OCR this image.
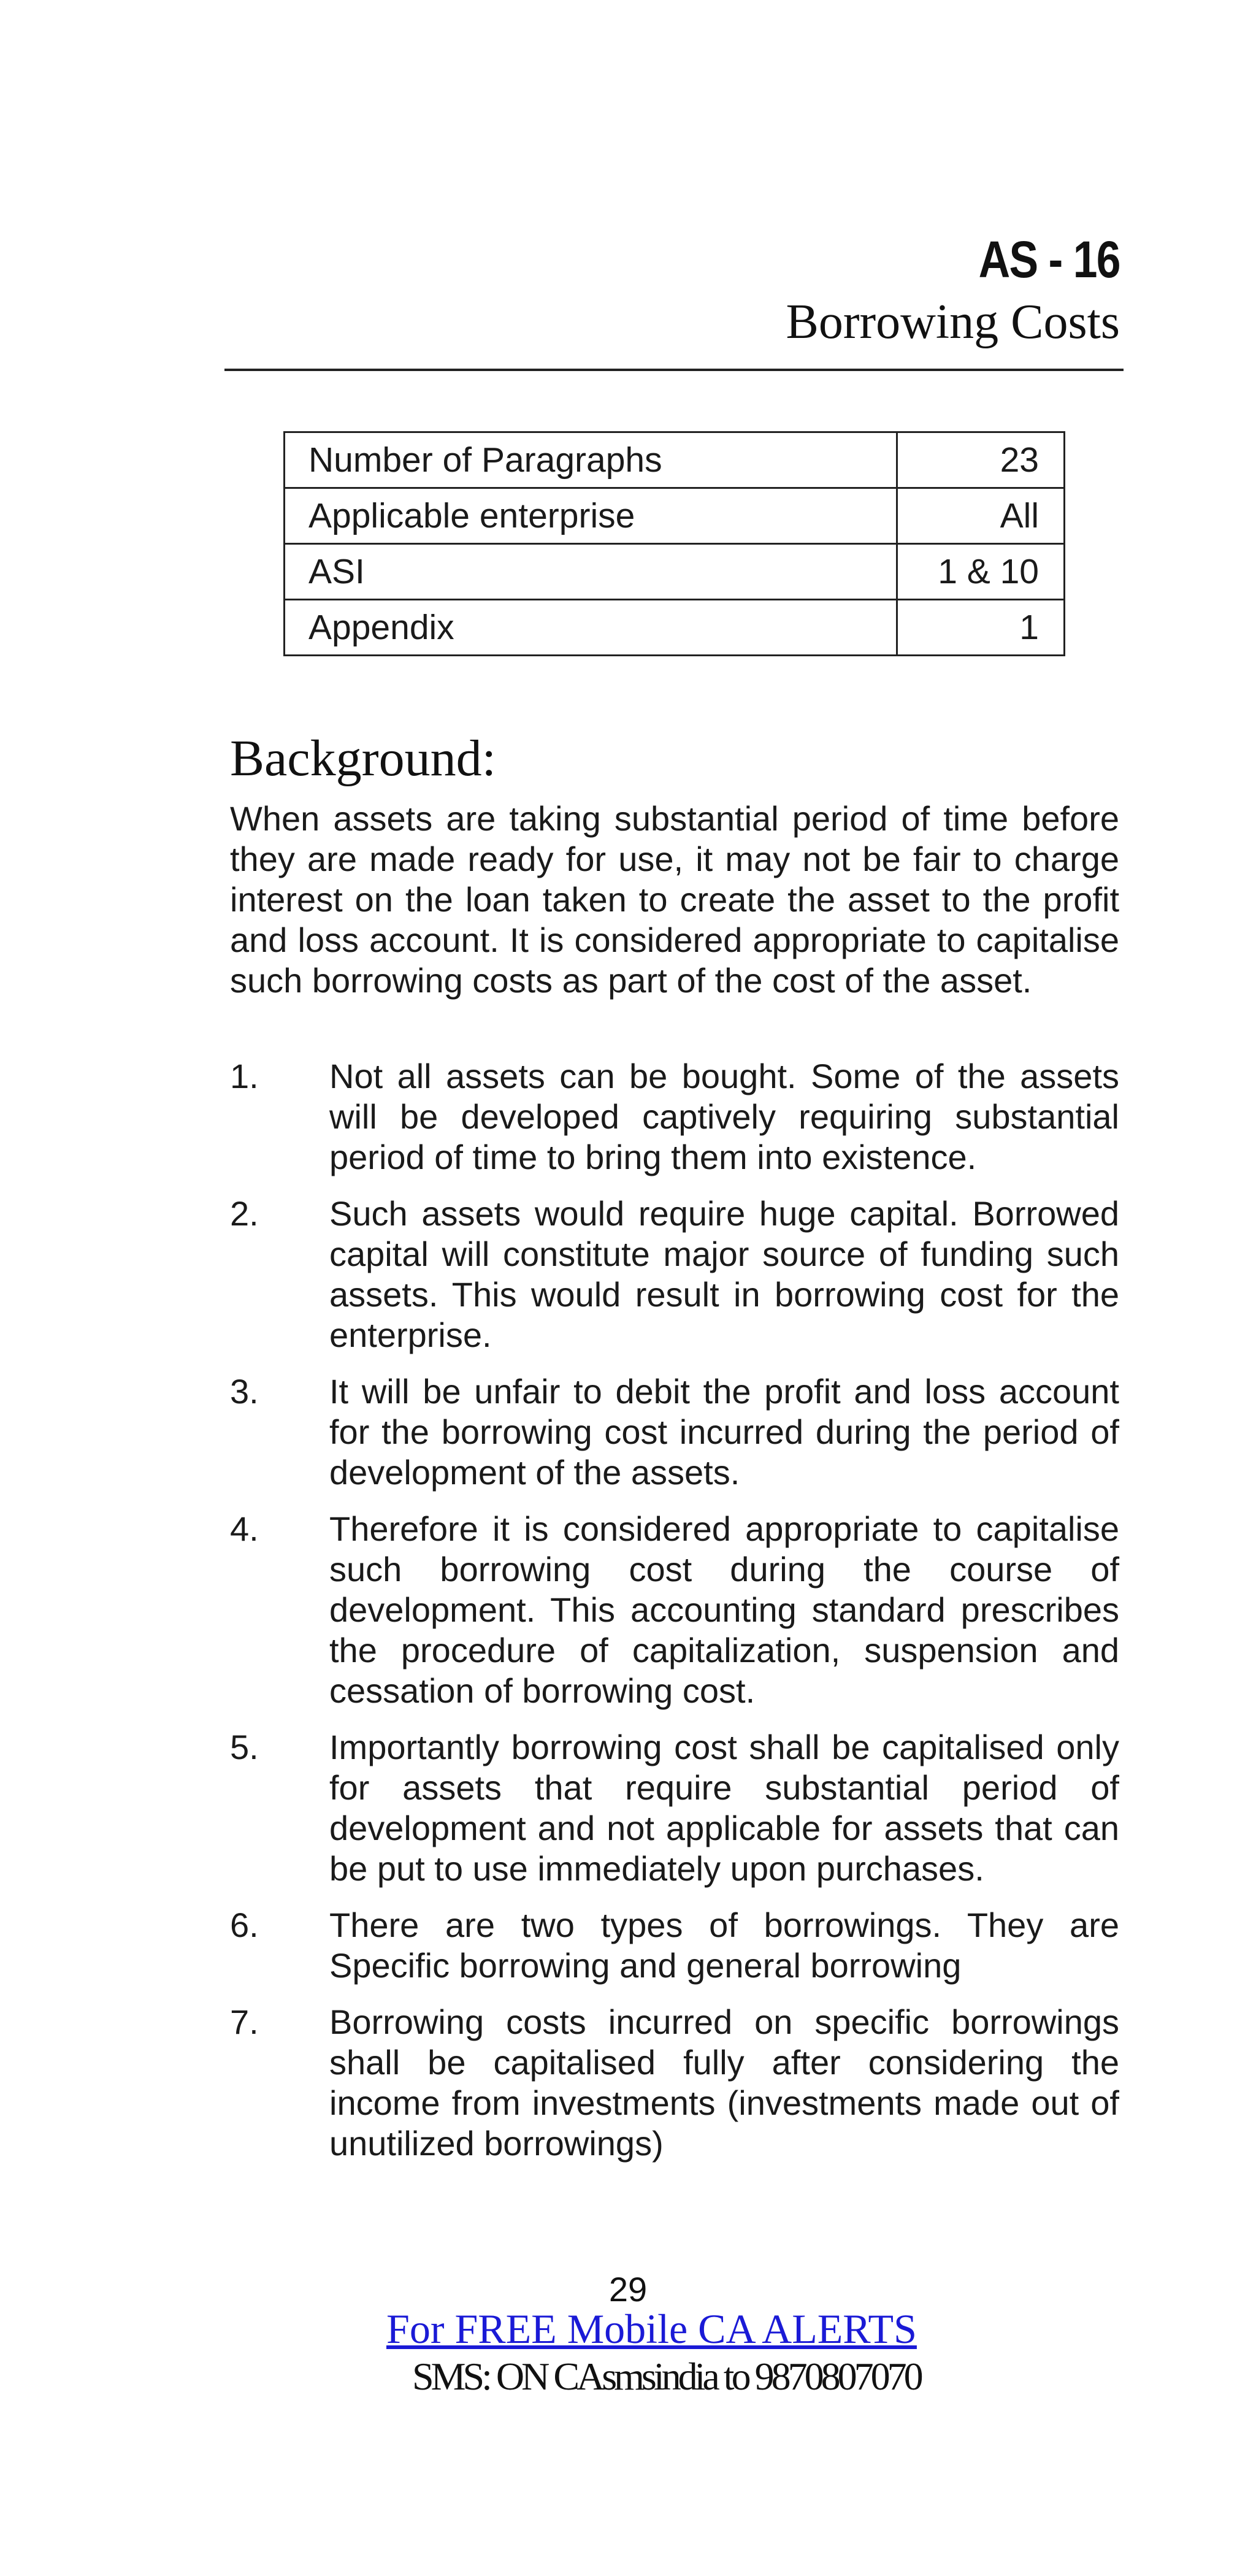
AS - 16
Borrowing Costs
Number of Paragraphs	23
Applicable enterprise	All
ASI	1 & 10
Appendix	1
Background:

When assets are taking substantial period of time before they are made ready for use, it may not be fair to charge interest on the loan taken to create the asset to the profit and loss account. It is considered appropriate to capitalise such borrowing costs as part of the cost of the asset.

1.	Not all assets can be bought. Some of the assets will be developed captively requiring substantial period of time to bring them into existence.
2.	Such assets would require huge capital. Borrowed capital will constitute major source of funding such assets. This would result in borrowing cost for the enterprise.
3.	It will be unfair to debit the profit and loss account for the borrowing cost incurred during the period of development of the assets.
4.	Therefore it is considered appropriate to capitalise such borrowing cost during the course of development. This accounting standard prescribes the procedure of capitalization, suspension and cessation of borrowing cost.
5.	Importantly borrowing cost shall be capitalised only for assets that require substantial period of development and not applicable for assets that can be put to use immediately upon purchases.
6.	There are two types of borrowings. They are Specific borrowing and general borrowing
7.	Borrowing costs incurred on specific borrowings shall be capitalised fully after considering the income from investments (investments made out of unutilized borrowings)
29
For FREE Mobile CA ALERTS
SMS: ON CAsmsindia to 9870807070
